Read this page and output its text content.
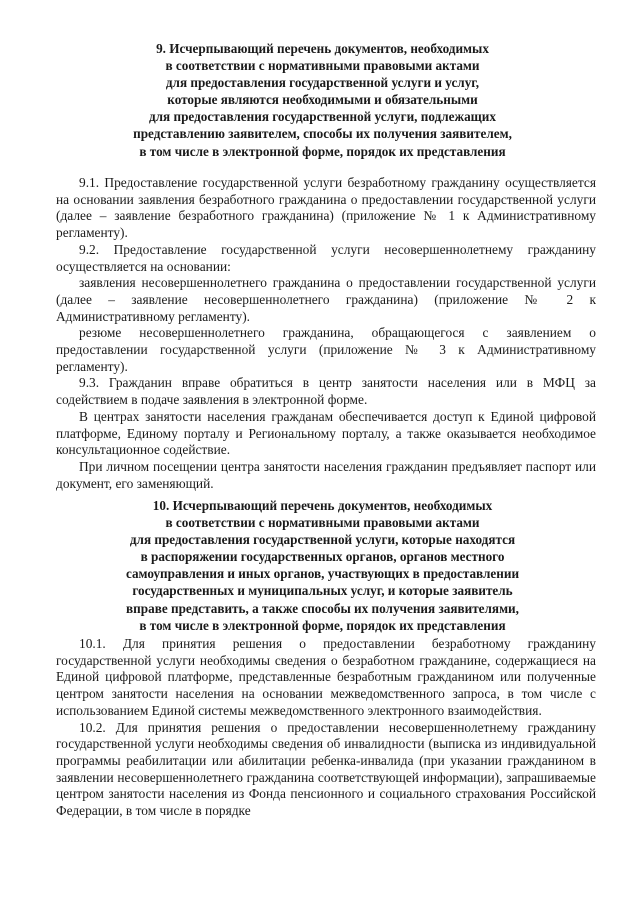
9. Исчерпывающий перечень документов, необходимых
в соответствии с нормативными правовыми актами
для предоставления государственной услуги и услуг,
которые являются необходимыми и обязательными
для предоставления государственной услуги, подлежащих
представлению заявителем, способы их получения заявителем,
в том числе в электронной форме, порядок их представления

9.1. Предоставление государственной услуги безработному гражданину осуществляется на основании заявления безработного гражданина о предоставлении государственной услуги (далее – заявление безработного гражданина) (приложение № 1 к Административному регламенту).

9.2. Предоставление государственной услуги несовершеннолетнему гражданину осуществляется на основании:

заявления несовершеннолетнего гражданина о предоставлении государственной услуги (далее – заявление несовершеннолетнего гражданина) (приложение № 2 к Административному регламенту).

резюме несовершеннолетнего гражданина, обращающегося с заявлением о предоставлении государственной услуги (приложение № 3 к Административному регламенту).

9.3. Гражданин вправе обратиться в центр занятости населения или в МФЦ за содействием в подаче заявления в электронной форме.

В центрах занятости населения гражданам обеспечивается доступ к Единой цифровой платформе, Единому порталу и Региональному порталу, а также оказывается необходимое консультационное содействие.

При личном посещении центра занятости населения гражданин предъявляет паспорт или документ, его заменяющий.

10. Исчерпывающий перечень документов, необходимых
в соответствии с нормативными правовыми актами
для предоставления государственной услуги, которые находятся
в распоряжении государственных органов, органов местного
самоуправления и иных органов, участвующих в предоставлении
государственных и муниципальных услуг, и которые заявитель
вправе представить, а также способы их получения заявителями,
в том числе в электронной форме, порядок их представления

10.1. Для принятия решения о предоставлении безработному гражданину государственной услуги необходимы сведения о безработном гражданине, содержащиеся на Единой цифровой платформе, представленные безработным гражданином или полученные центром занятости населения на основании межведомственного запроса, в том числе с использованием Единой системы межведомственного электронного взаимодействия.

10.2. Для принятия решения о предоставлении несовершеннолетнему гражданину государственной услуги необходимы сведения об инвалидности (выписка из индивидуальной программы реабилитации или абилитации ребенка-инвалида (при указании гражданином в заявлении несовершеннолетнего гражданина соответствующей информации), запрашиваемые центром занятости населения из Фонда пенсионного и социального страхования Российской Федерации, в том числе в порядке
